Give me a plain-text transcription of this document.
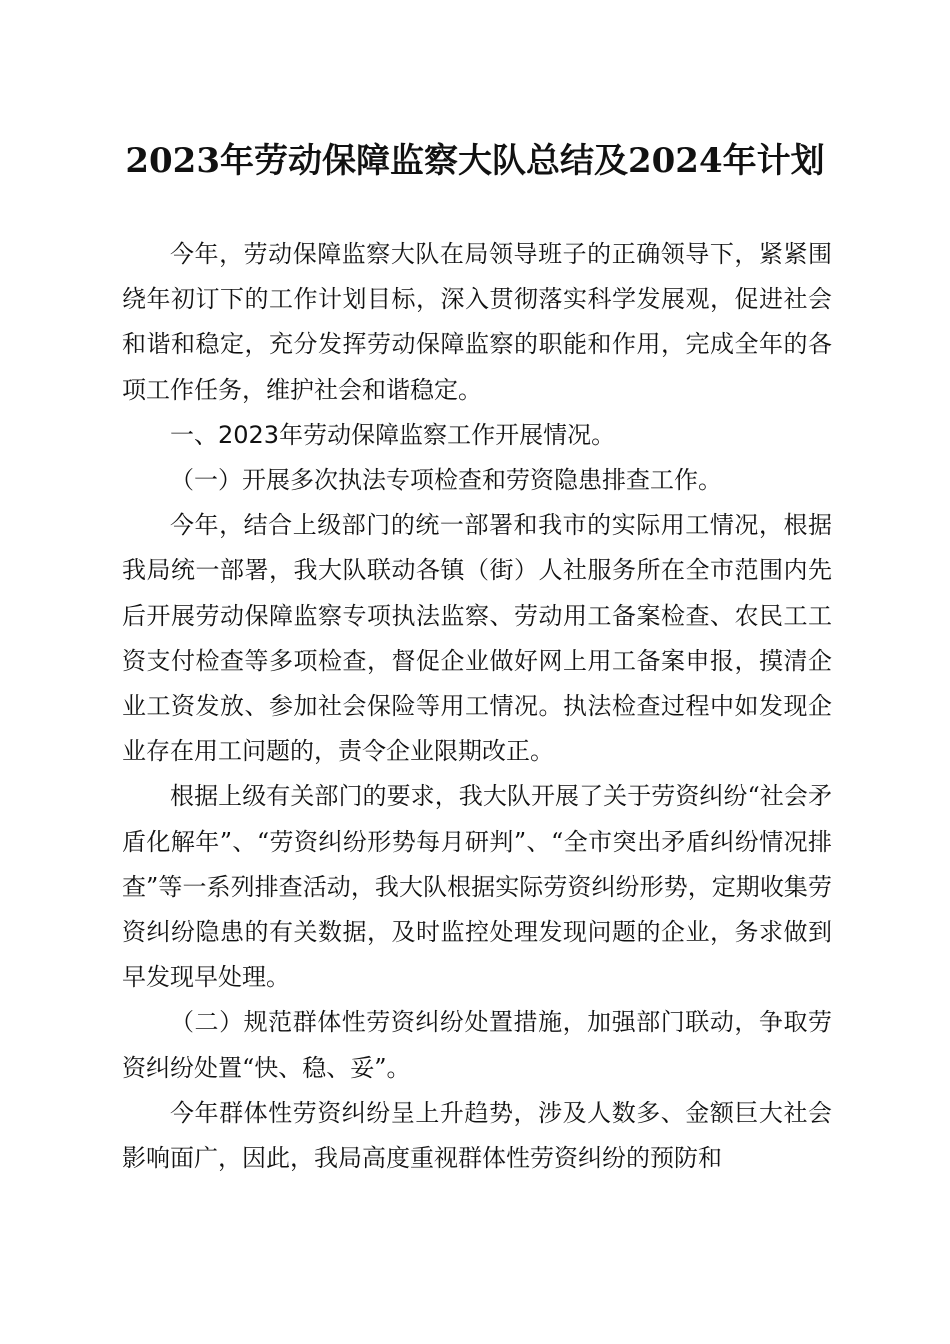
2023年劳动保障监察大队总结及2024年计划

今年，劳动保障监察大队在局领导班子的正确领导下，紧紧围绕年初订下的工作计划目标，深入贯彻落实科学发展观，促进社会和谐和稳定，充分发挥劳动保障监察的职能和作用，完成全年的各项工作任务，维护社会和谐稳定。

一、2023年劳动保障监察工作开展情况。

（一）开展多次执法专项检查和劳资隐患排查工作。

今年，结合上级部门的统一部署和我市的实际用工情况，根据我局统一部署，我大队联动各镇（街）人社服务所在全市范围内先后开展劳动保障监察专项执法监察、劳动用工备案检查、农民工工资支付检查等多项检查，督促企业做好网上用工备案申报，摸清企业工资发放、参加社会保险等用工情况。执法检查过程中如发现企业存在用工问题的，责令企业限期改正。

根据上级有关部门的要求，我大队开展了关于劳资纠纷“社会矛盾化解年”、“劳资纠纷形势每月研判”、“全市突出矛盾纠纷情况排查”等一系列排查活动，我大队根据实际劳资纠纷形势，定期收集劳资纠纷隐患的有关数据，及时监控处理发现问题的企业，务求做到早发现早处理。

（二）规范群体性劳资纠纷处置措施，加强部门联动，争取劳资纠纷处置“快、稳、妥”。

今年群体性劳资纠纷呈上升趋势，涉及人数多、金额巨大社会影响面广，因此，我局高度重视群体性劳资纠纷的预防和
